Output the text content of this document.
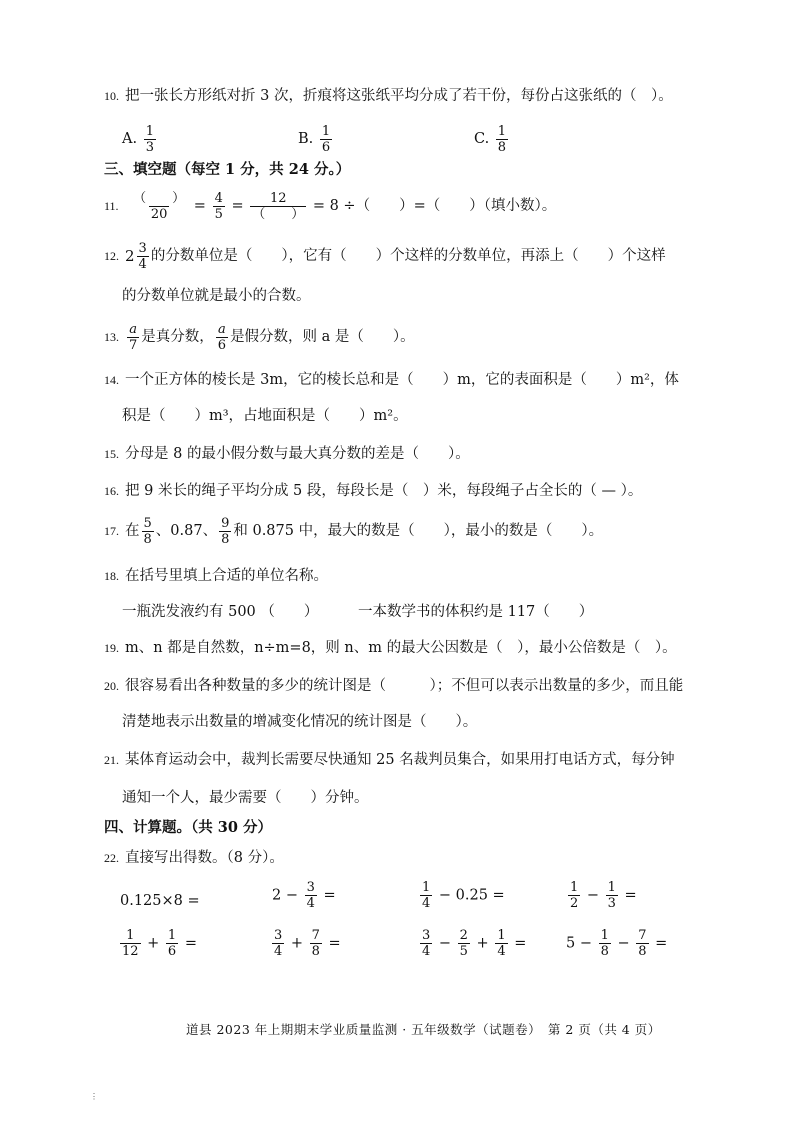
10. 把一张长方形纸对折 3 次，折痕将这张纸平均分成了若干份，每份占这张纸的（　）。
A. $\frac{1}{3}$	B. $\frac{1}{6}$	C. $\frac{1}{8}$
三、填空题（每空 1 分，共 24 分。）
11. $\frac{( )}{20} = \frac{4}{5} = \frac{12}{( )} = 8$ ÷（　　）=（　　）（填小数）。
12. $2 \frac{3}{4}$ 的分数单位是（　　），它有（　　）个这样的分数单位，再添上（　　）个这样
的分数单位就是最小的合数。
13. $\frac{a}{7}$ 是真分数， $\frac{a}{6}$ 是假分数，则 a 是（　　）。
14. 一个正方体的棱长是 3m，它的棱长总和是（　　）m，它的表面积是（　　）m²，体
积是（　　）m³，占地面积是（　　）m²。
15. 分母是 8 的最小假分数与最大真分数的差是（　　）。
16. 把 9 米长的绳子平均分成 5 段，每段长是（　）米，每段绳子占全长的（ — ）。
17. 在 $\frac{5}{8}$ 、0.87、 $\frac{9}{8}$ 和 0.875 中，最大的数是（　　），最小的数是（　　）。
18. 在括号里填上合适的单位名称。
一瓶洗发液约有 500 （　　）	一本数学书的体积约是 117（　　）
19. m、n 都是自然数，n÷m=8，则 n、m 的最大公因数是（　），最小公倍数是（　）。
20. 很容易看出各种数量的多少的统计图是（　　　）；不但可以表示出数量的多少，而且能
清楚地表示出数量的增减变化情况的统计图是（　　）。
21. 某体育运动会中，裁判长需要尽快通知 25 名裁判员集合，如果用打电话方式，每分钟
通知一个人，最少需要（　　）分钟。
四、计算题。（共 30 分）
22. 直接写出得数。（8 分）。
0.125×8 =	$2 - \frac{3}{4}$ =	$\frac{1}{4} - 0.25$ =	$\frac{1}{2} - \frac{1}{3}$ =
$\frac{1}{12} + \frac{1}{6}$ =	$\frac{3}{4} + \frac{7}{8}$ =	$\frac{3}{4} - \frac{2}{5} + \frac{1}{4}$ =	$5 - \frac{1}{8} - \frac{7}{8}$ =
道县 2023 年上期期末学业质量监测 · 五年级数学（试题卷）　第 2 页（共 4 页）
⋮
